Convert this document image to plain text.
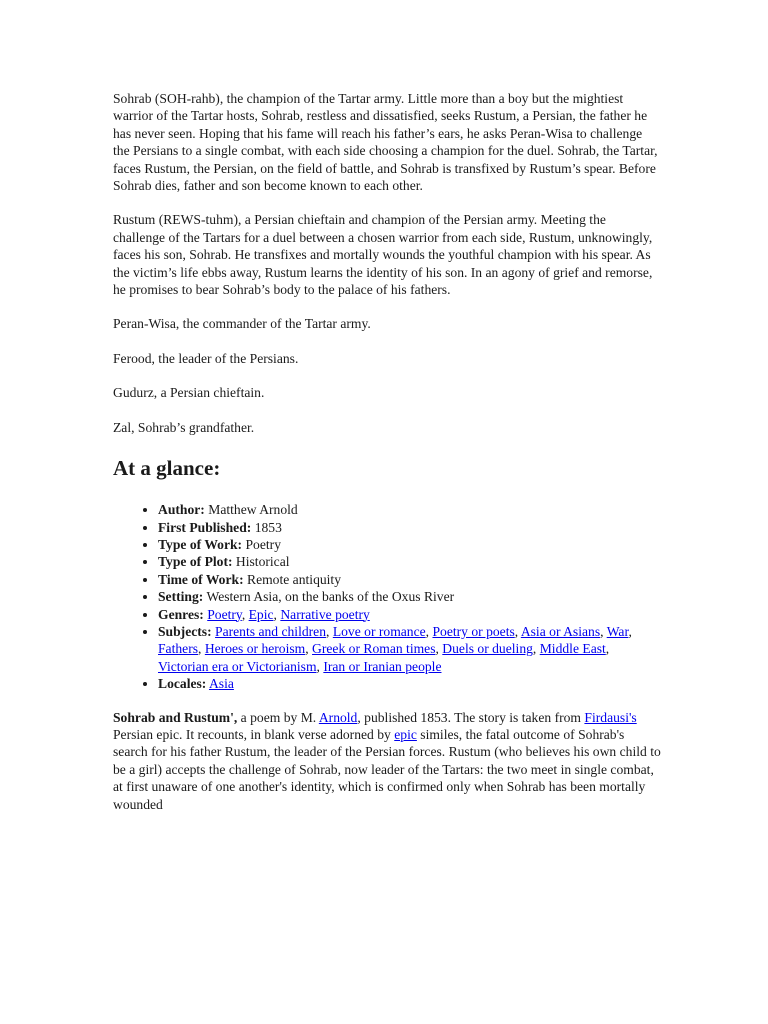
Sohrab (SOH-rahb), the champion of the Tartar army. Little more than a boy but the mightiest warrior of the Tartar hosts, Sohrab, restless and dissatisfied, seeks Rustum, a Persian, the father he has never seen. Hoping that his fame will reach his father’s ears, he asks Peran-Wisa to challenge the Persians to a single combat, with each side choosing a champion for the duel. Sohrab, the Tartar, faces Rustum, the Persian, on the field of battle, and Sohrab is transfixed by Rustum’s spear. Before Sohrab dies, father and son become known to each other.

Rustum (REWS-tuhm), a Persian chieftain and champion of the Persian army. Meeting the challenge of the Tartars for a duel between a chosen warrior from each side, Rustum, unknowingly, faces his son, Sohrab. He transfixes and mortally wounds the youthful champion with his spear. As the victim’s life ebbs away, Rustum learns the identity of his son. In an agony of grief and remorse, he promises to bear Sohrab’s body to the palace of his fathers.

Peran-Wisa, the commander of the Tartar army.

Ferood, the leader of the Persians.

Gudurz, a Persian chieftain.

Zal, Sohrab’s grandfather.

At a glance:
• Author: Matthew Arnold
• First Published: 1853
• Type of Work: Poetry
• Type of Plot: Historical
• Time of Work: Remote antiquity
• Setting: Western Asia, on the banks of the Oxus River
• Genres: Poetry, Epic, Narrative poetry
• Subjects: Parents and children, Love or romance, Poetry or poets, Asia or Asians, War, Fathers, Heroes or heroism, Greek or Roman times, Duels or dueling, Middle East, Victorian era or Victorianism, Iran or Iranian people
• Locales: Asia

Sohrab and Rustum', a poem by M. Arnold, published 1853. The story is taken from Firdausi's Persian epic. It recounts, in blank verse adorned by epic similes, the fatal outcome of Sohrab's search for his father Rustum, the leader of the Persian forces. Rustum (who believes his own child to be a girl) accepts the challenge of Sohrab, now leader of the Tartars: the two meet in single combat, at first unaware of one another's identity, which is confirmed only when Sohrab has been mortally wounded
